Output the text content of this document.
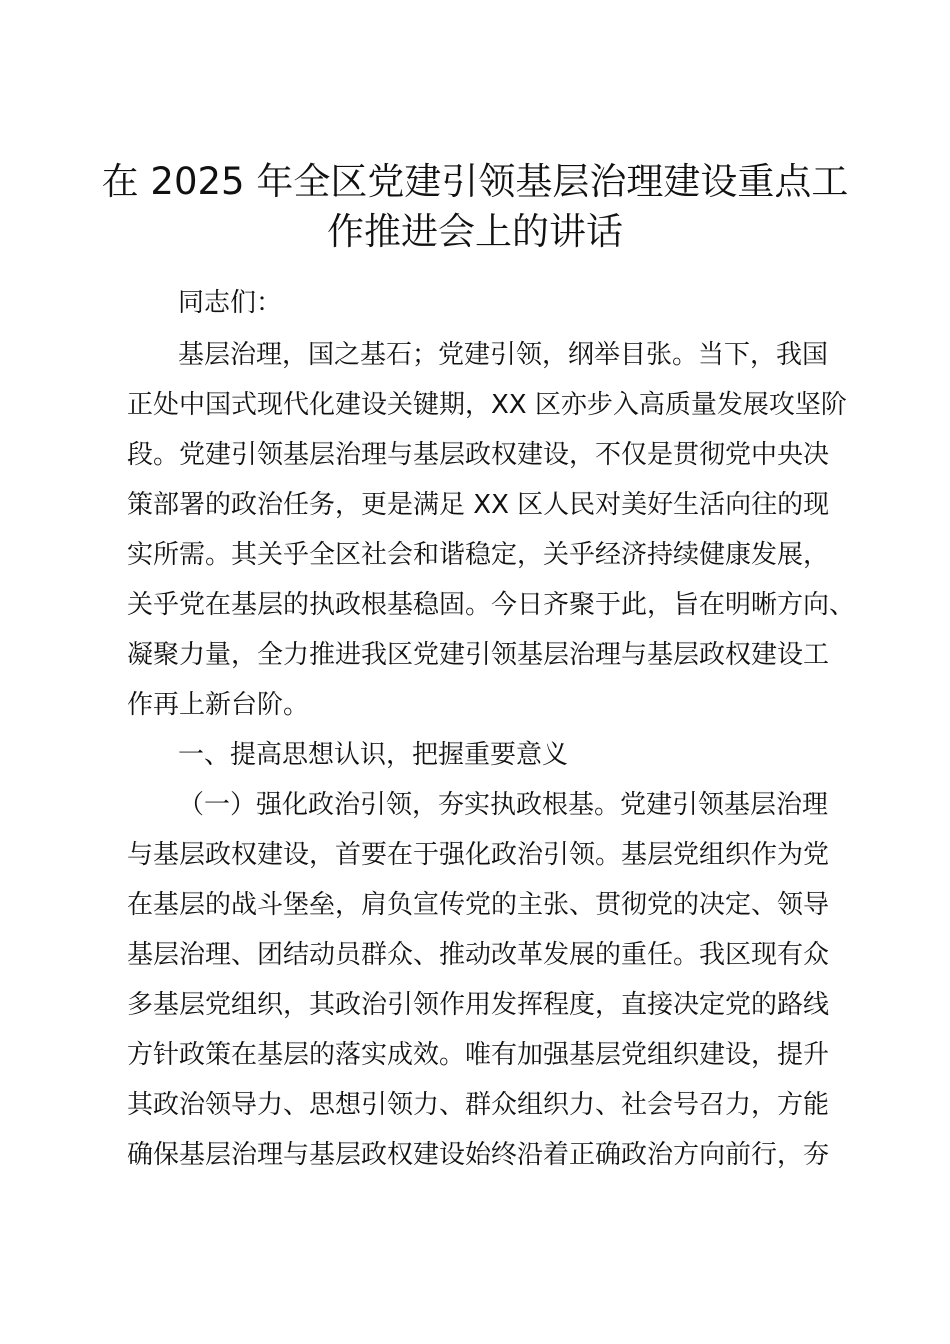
在 2025 年全区党建引领基层治理建设重点工
作推进会上的讲话
同志们：
基层治理，国之基石；党建引领，纲举目张。当下，我国
正处中国式现代化建设关键期，XX 区亦步入高质量发展攻坚阶
段。党建引领基层治理与基层政权建设，不仅是贯彻党中央决
策部署的政治任务，更是满足 XX 区人民对美好生活向往的现
实所需。其关乎全区社会和谐稳定，关乎经济持续健康发展，
关乎党在基层的执政根基稳固。今日齐聚于此，旨在明晰方向、
凝聚力量，全力推进我区党建引领基层治理与基层政权建设工
作再上新台阶。
一、提高思想认识，把握重要意义
（一）强化政治引领，夯实执政根基。党建引领基层治理
与基层政权建设，首要在于强化政治引领。基层党组织作为党
在基层的战斗堡垒，肩负宣传党的主张、贯彻党的决定、领导
基层治理、团结动员群众、推动改革发展的重任。我区现有众
多基层党组织，其政治引领作用发挥程度，直接决定党的路线
方针政策在基层的落实成效。唯有加强基层党组织建设，提升
其政治领导力、思想引领力、群众组织力、社会号召力，方能
确保基层治理与基层政权建设始终沿着正确政治方向前行，夯
